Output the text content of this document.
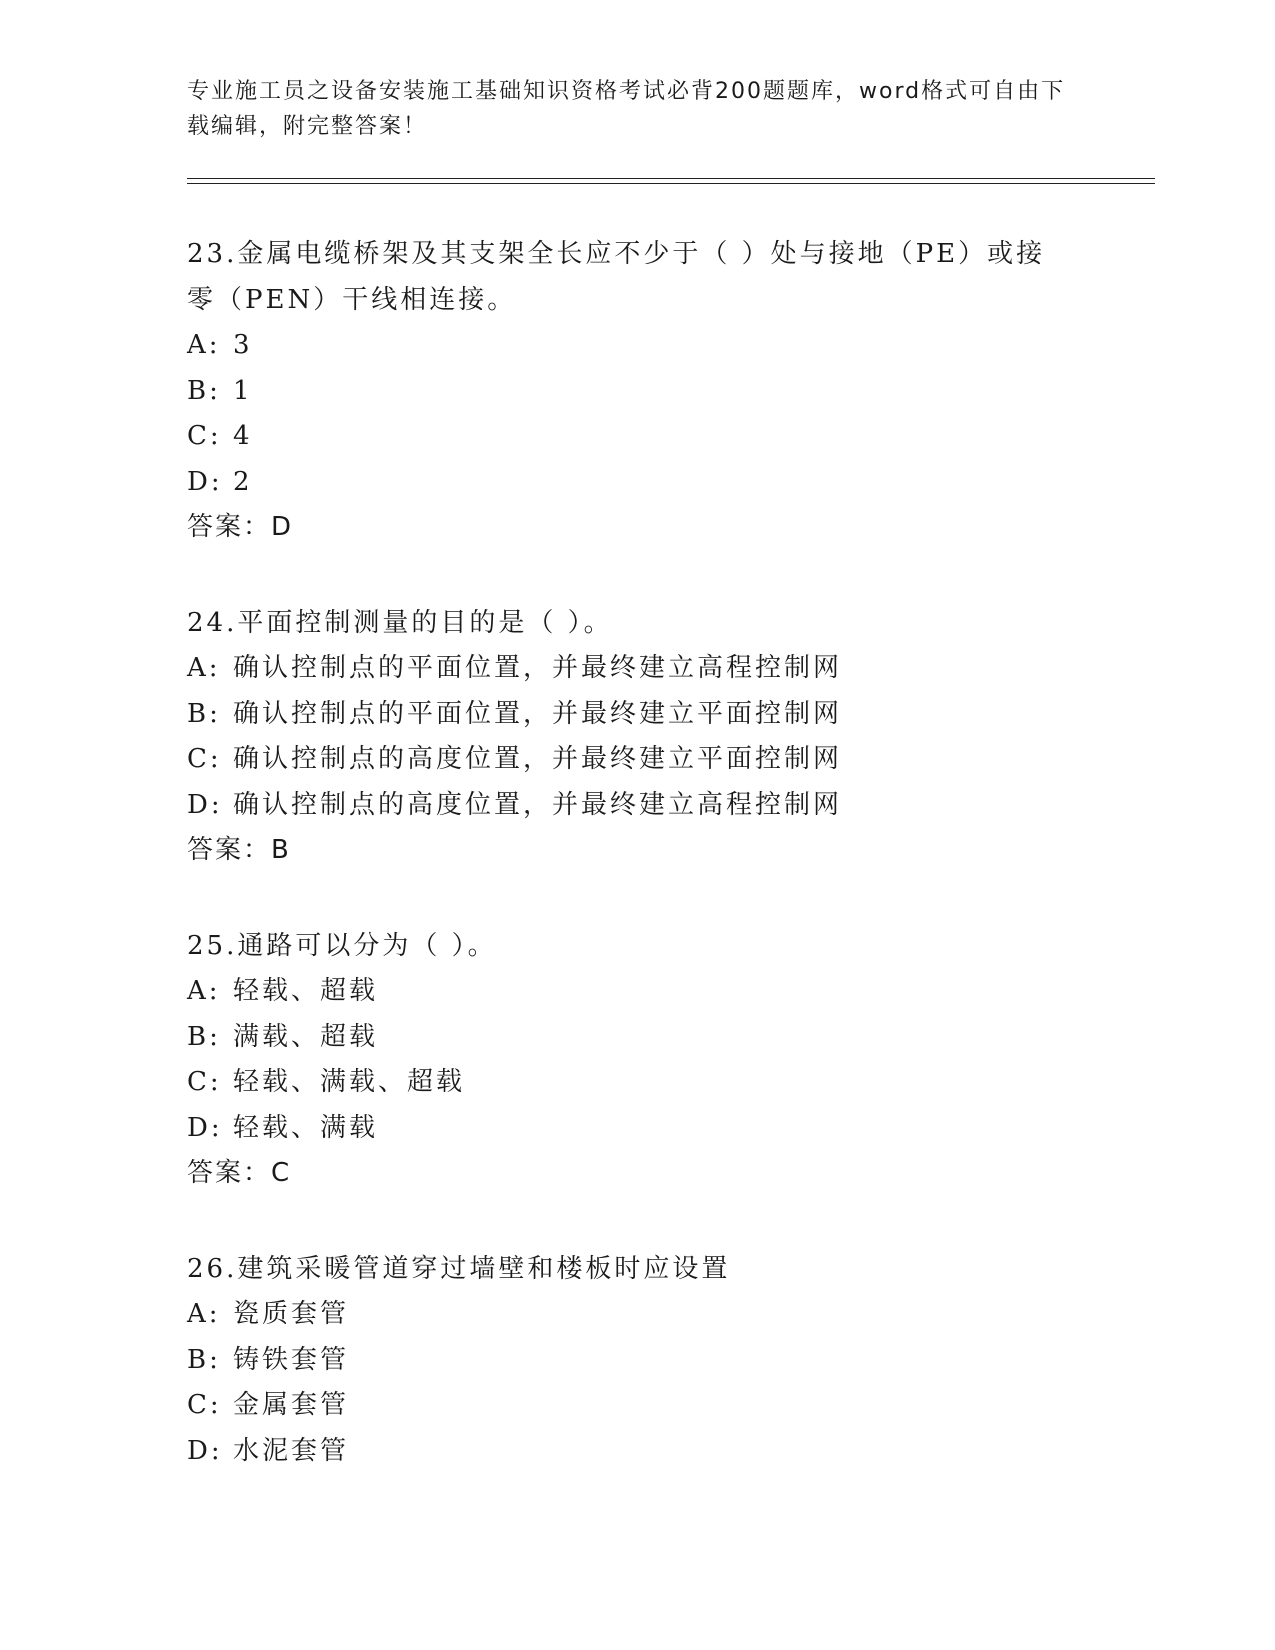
专业施工员之设备安装施工基础知识资格考试必背200题题库，word格式可自由下载编辑，附完整答案！
23.金属电缆桥架及其支架全长应不少于（ ）处与接地（PE）或接零（PEN）干线相连接。
A: 3
B: 1
C: 4
D: 2
答案：D
24.平面控制测量的目的是（ ）。
A: 确认控制点的平面位置，并最终建立高程控制网
B: 确认控制点的平面位置，并最终建立平面控制网
C: 确认控制点的高度位置，并最终建立平面控制网
D: 确认控制点的高度位置，并最终建立高程控制网
答案：B
25.通路可以分为（ ）。
A: 轻载、超载
B: 满载、超载
C: 轻载、满载、超载
D: 轻载、满载
答案：C
26.建筑采暖管道穿过墙壁和楼板时应设置
A: 瓷质套管
B: 铸铁套管
C: 金属套管
D: 水泥套管
